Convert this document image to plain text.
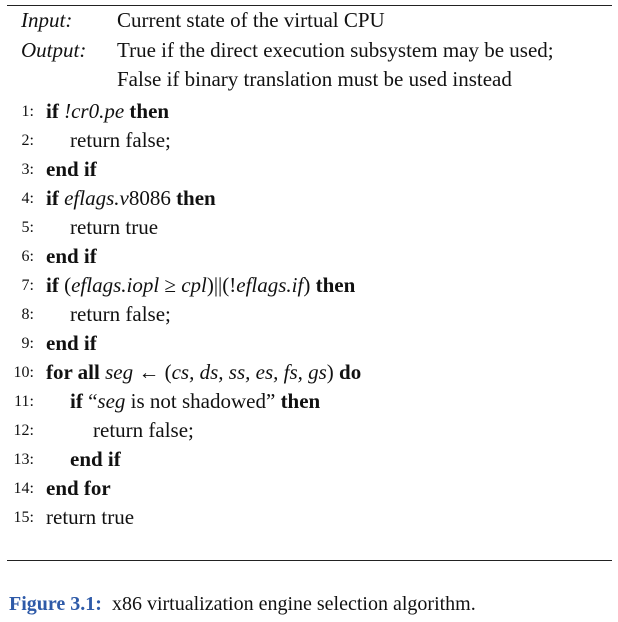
Input: Current state of the virtual CPU
Output: True if the direct execution subsystem may be used;
False if binary translation must be used instead
1: if !cr0.pe then
2: return false;
3: end if
4: if eflags.v8086 then
5: return true
6: end if
7: if (eflags.iopl ≥ cpl)||(!eflags.if) then
8: return false;
9: end if
10: for all seg ← (cs, ds, ss, es, fs, gs) do
11: if “seg is not shadowed” then
12:	return false;
13: end if
14: end for
15: return true
Figure 3.1: x86 virtualization engine selection algorithm.
